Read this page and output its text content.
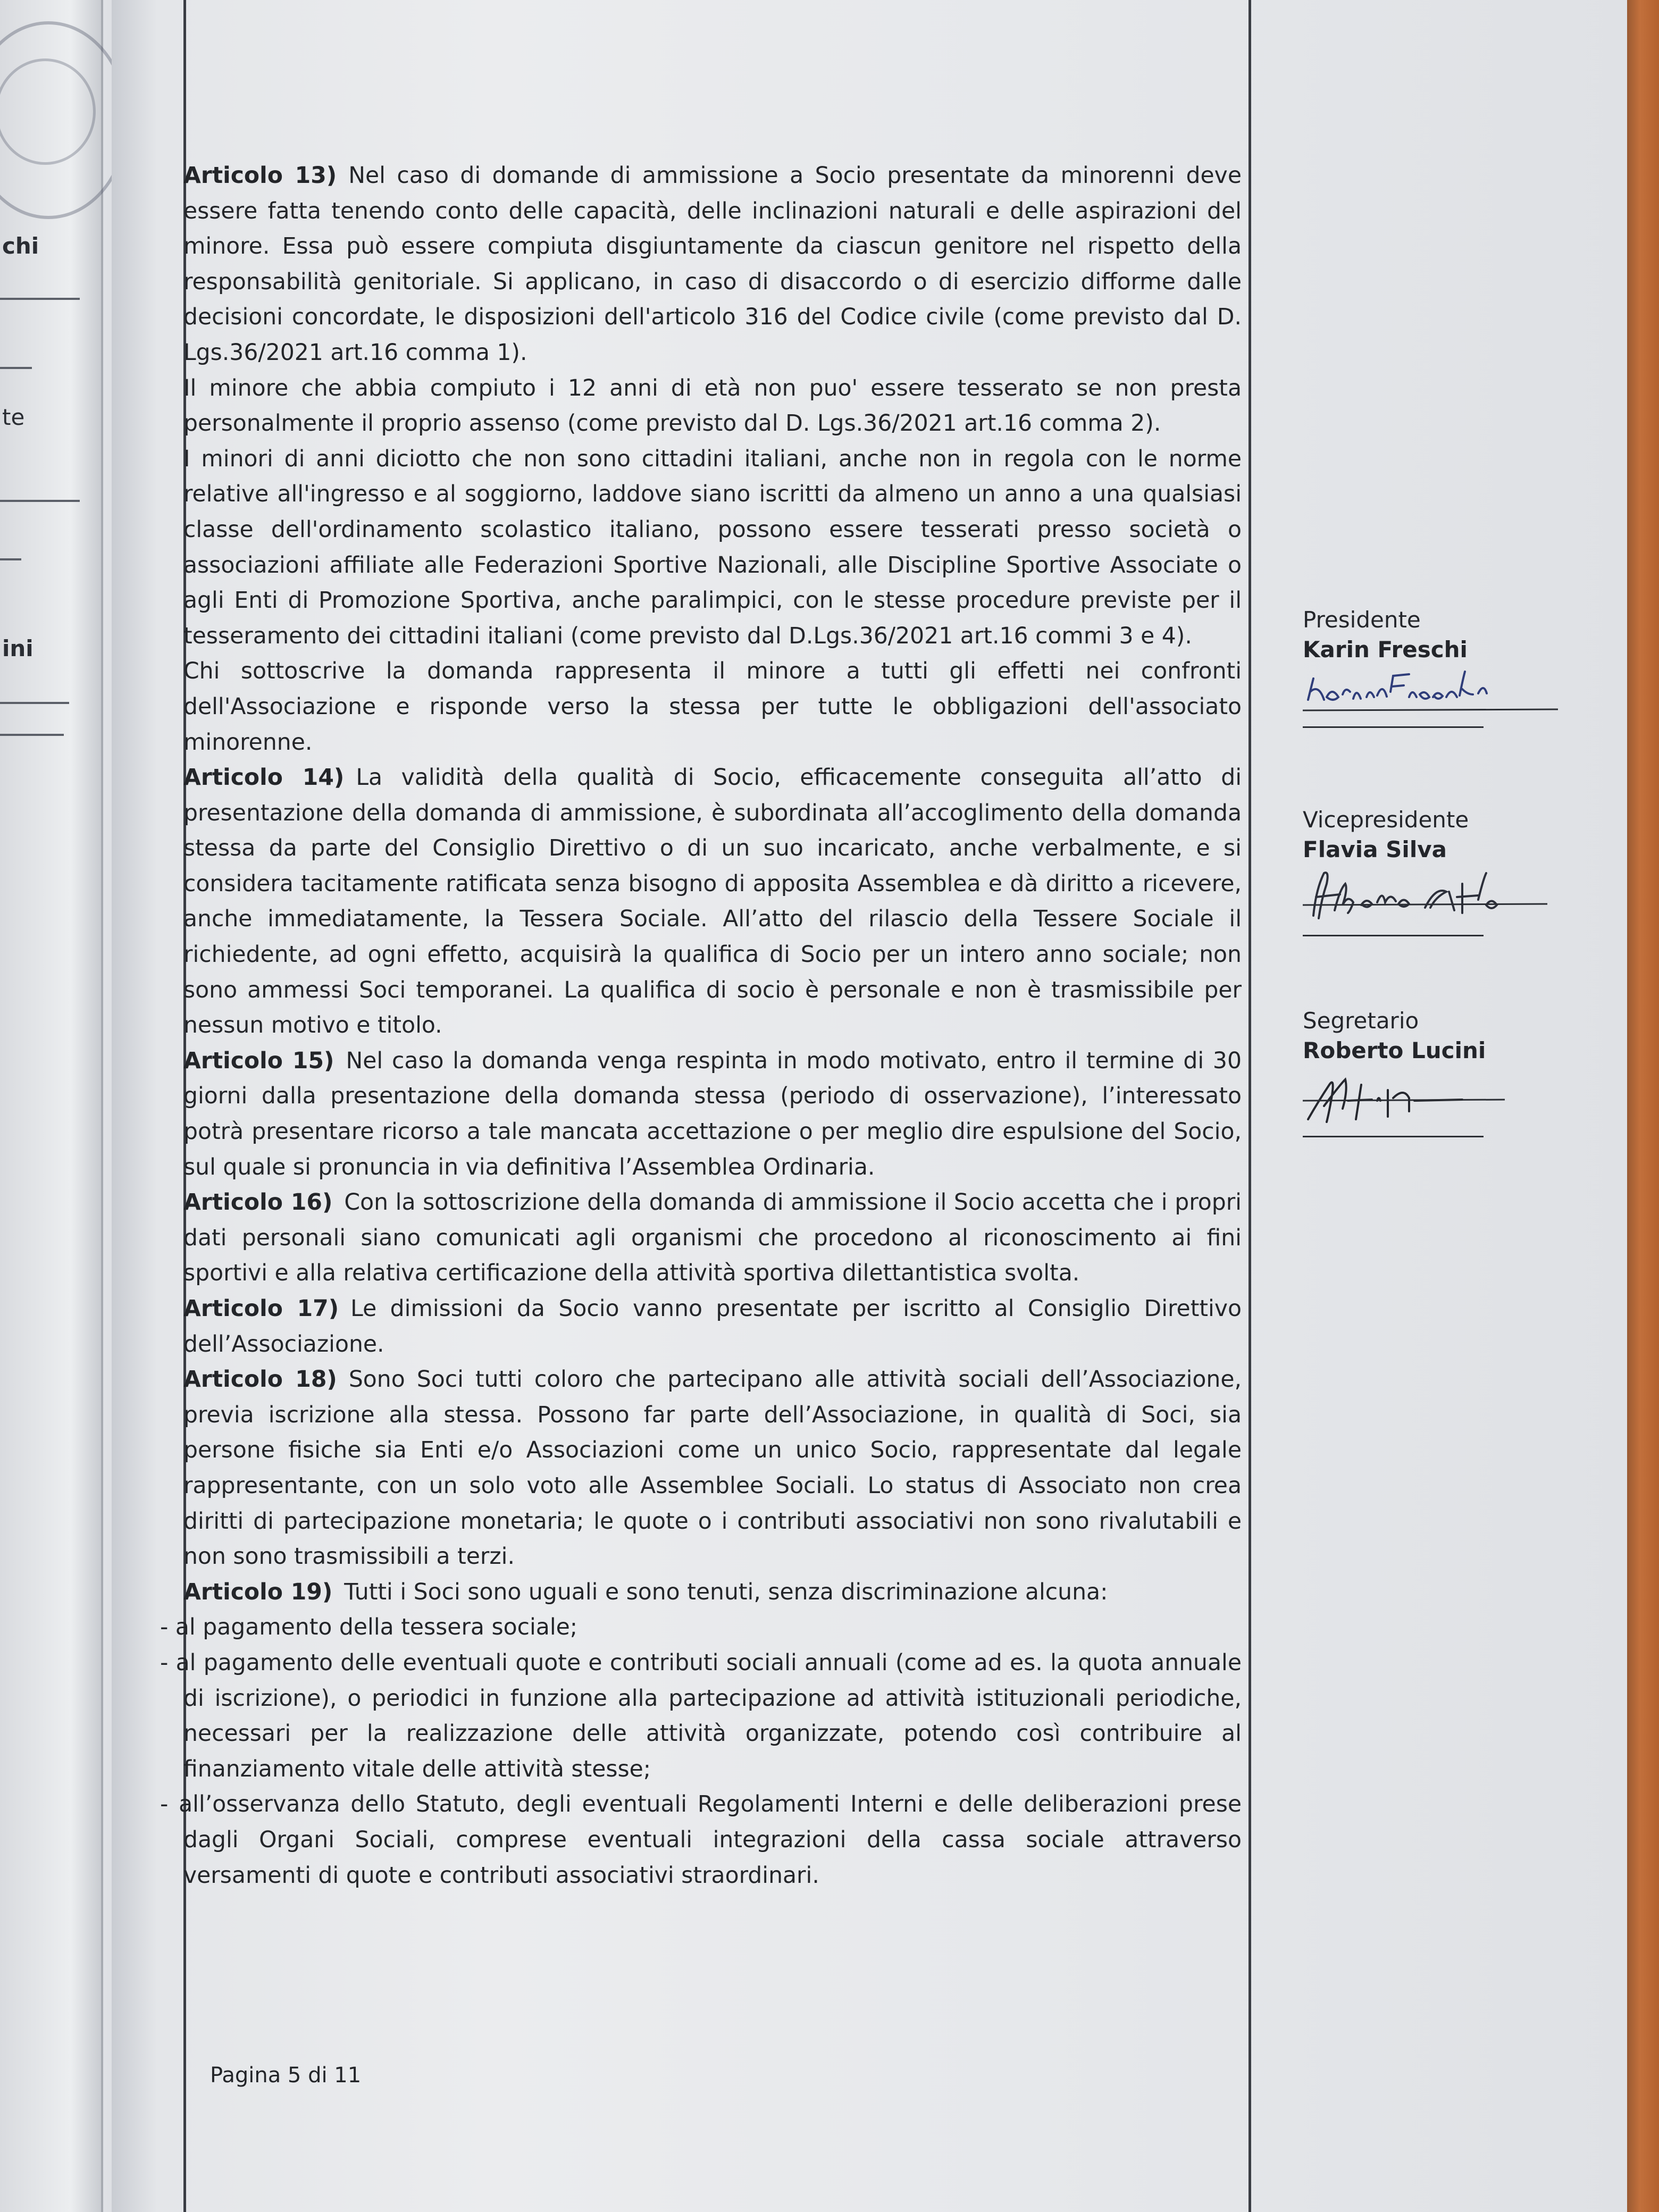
chi
te
ini

Articolo 13) Nel caso di domande di ammissione a Socio presentate da minorenni deve essere fatta tenendo conto delle capacità, delle inclinazioni naturali e delle aspirazioni del minore. Essa può essere compiuta disgiuntamente da ciascun genitore nel rispetto della responsabilità genitoriale. Si applicano, in caso di disaccordo o di esercizio difforme dalle decisioni concordate, le disposizioni dell'articolo 316 del Codice civile (come previsto dal D. Lgs.36/2021 art.16 comma 1).

Il minore che abbia compiuto i 12 anni di età non puo' essere tesserato se non presta personalmente il proprio assenso (come previsto dal D. Lgs.36/2021 art.16 comma 2).

I minori di anni diciotto che non sono cittadini italiani, anche non in regola con le norme relative all'ingresso e al soggiorno, laddove siano iscritti da almeno un anno a una qualsiasi classe dell'ordinamento scolastico italiano, possono essere tesserati presso società o associazioni affiliate alle Federazioni Sportive Nazionali, alle Discipline Sportive Associate o agli Enti di Promozione Sportiva, anche paralimpici, con le stesse procedure previste per il tesseramento dei cittadini italiani (come previsto dal D.Lgs.36/2021 art.16 commi 3 e 4).

Chi sottoscrive la domanda rappresenta il minore a tutti gli effetti nei confronti dell'Associazione e risponde verso la stessa per tutte le obbligazioni dell'associato minorenne.

Articolo 14) La validità della qualità di Socio, efficacemente conseguita all’atto di presentazione della domanda di ammissione, è subordinata all’accoglimento della domanda stessa da parte del Consiglio Direttivo o di un suo incaricato, anche verbalmente, e si considera tacitamente ratificata senza bisogno di apposita Assemblea e dà diritto a ricevere, anche immediatamente, la Tessera Sociale. All’atto del rilascio della Tessere Sociale il richiedente, ad ogni effetto, acquisirà la qualifica di Socio per un intero anno sociale; non sono ammessi Soci temporanei. La qualifica di socio è personale e non è trasmissibile per nessun motivo e titolo.

Articolo 15) Nel caso la domanda venga respinta in modo motivato, entro il termine di 30 giorni dalla presentazione della domanda stessa (periodo di osservazione), l’interessato potrà presentare ricorso a tale mancata accettazione o per meglio dire espulsione del Socio, sul quale si pronuncia in via definitiva l’Assemblea Ordinaria.

Articolo 16) Con la sottoscrizione della domanda di ammissione il Socio accetta che i propri dati personali siano comunicati agli organismi che procedono al riconoscimento ai fini sportivi e alla relativa certificazione della attività sportiva dilettantistica svolta.

Articolo 17) Le dimissioni da Socio vanno presentate per iscritto al Consiglio Direttivo dell’Associazione.

Articolo 18) Sono Soci tutti coloro che partecipano alle attività sociali dell’Associazione, previa iscrizione alla stessa. Possono far parte dell’Associazione, in qualità di Soci, sia persone fisiche sia Enti e/o Associazioni come un unico Socio, rappresentate dal legale rappresentante, con un solo voto alle Assemblee Sociali. Lo status di Associato non crea diritti di partecipazione monetaria; le quote o i contributi associativi non sono rivalutabili e non sono trasmissibili a terzi.

Articolo 19) Tutti i Soci sono uguali e sono tenuti, senza discriminazione alcuna:

- al pagamento della tessera sociale;

- al pagamento delle eventuali quote e contributi sociali annuali (come ad es. la quota annuale di iscrizione), o periodici in funzione alla partecipazione ad attività istituzionali periodiche, necessari per la realizzazione delle attività organizzate, potendo così contribuire al finanziamento vitale delle attività stesse;

- all’osservanza dello Statuto, degli eventuali Regolamenti Interni e delle deliberazioni prese dagli Organi Sociali, comprese eventuali integrazioni della cassa sociale attraverso versamenti di quote e contributi associativi straordinari.

Pagina 5 di 11
Presidente
Karin Freschi
Vicepresidente
Flavia Silva
Segretario
Roberto Lucini
